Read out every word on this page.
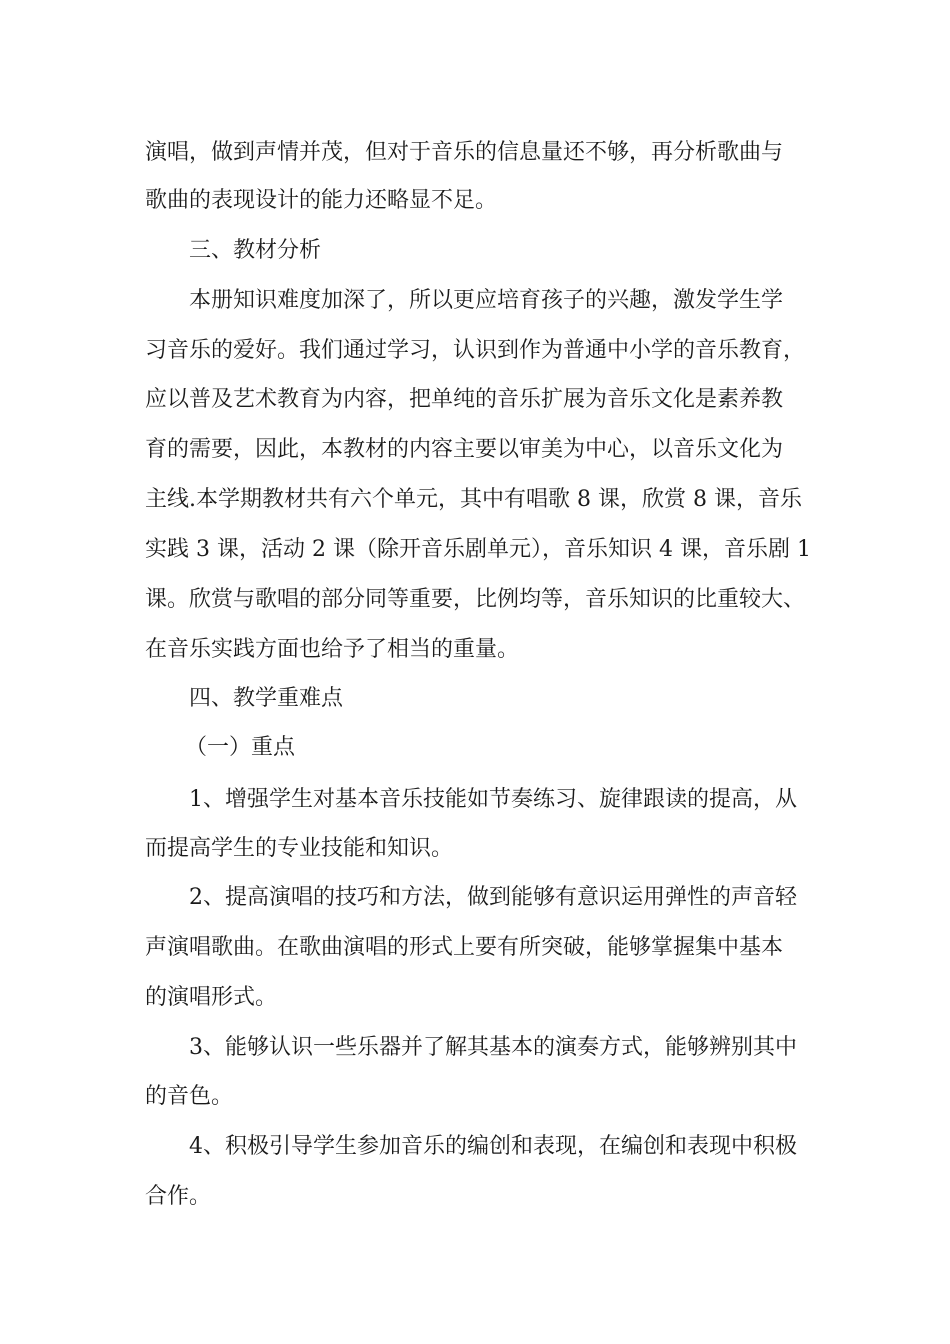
演唱，做到声情并茂，但对于音乐的信息量还不够，再分析歌曲与
歌曲的表现设计的能力还略显不足。
三、教材分析
本册知识难度加深了，所以更应培育孩子的兴趣，激发学生学
习音乐的爱好。我们通过学习，认识到作为普通中小学的音乐教育，
应以普及艺术教育为内容，把单纯的音乐扩展为音乐文化是素养教
育的需要，因此，本教材的内容主要以审美为中心，以音乐文化为
主线.本学期教材共有六个单元，其中有唱歌 8 课，欣赏 8 课，音乐
实践 3 课，活动 2 课（除开音乐剧单元），音乐知识 4 课，音乐剧 1
课。欣赏与歌唱的部分同等重要，比例均等，音乐知识的比重较大、
在音乐实践方面也给予了相当的重量。
四、教学重难点
（一）重点
1、增强学生对基本音乐技能如节奏练习、旋律跟读的提高，从
而提高学生的专业技能和知识。
2、提高演唱的技巧和方法，做到能够有意识运用弹性的声音轻
声演唱歌曲。在歌曲演唱的形式上要有所突破，能够掌握集中基本
的演唱形式。
3、能够认识一些乐器并了解其基本的演奏方式，能够辨别其中
的音色。
4、积极引导学生参加音乐的编创和表现，在编创和表现中积极
合作。
